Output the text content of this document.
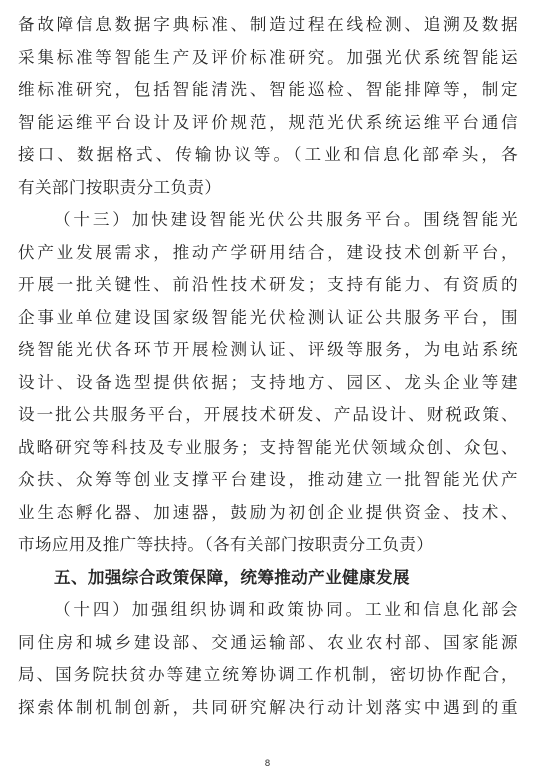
备故障信息数据字典标准、制造过程在线检测、追溯及数据
采集标准等智能生产及评价标准研究。加强光伏系统智能运
维标准研究，包括智能清洗、智能巡检、智能排障等，制定
智能运维平台设计及评价规范，规范光伏系统运维平台通信
接口、数据格式、传输协议等。（工业和信息化部牵头，各
有关部门按职责分工负责）
（十三）加快建设智能光伏公共服务平台。围绕智能光
伏产业发展需求，推动产学研用结合，建设技术创新平台，
开展一批关键性、前沿性技术研发；支持有能力、有资质的
企事业单位建设国家级智能光伏检测认证公共服务平台，围
绕智能光伏各环节开展检测认证、评级等服务，为电站系统
设计、设备选型提供依据；支持地方、园区、龙头企业等建
设一批公共服务平台，开展技术研发、产品设计、财税政策、
战略研究等科技及专业服务；支持智能光伏领域众创、众包、
众扶、众筹等创业支撑平台建设，推动建立一批智能光伏产
业生态孵化器、加速器，鼓励为初创企业提供资金、技术、
市场应用及推广等扶持。（各有关部门按职责分工负责）
五、加强综合政策保障，统筹推动产业健康发展
（十四）加强组织协调和政策协同。工业和信息化部会
同住房和城乡建设部、交通运输部、农业农村部、国家能源
局、国务院扶贫办等建立统筹协调工作机制，密切协作配合，
探索体制机制创新，共同研究解决行动计划落实中遇到的重
8
